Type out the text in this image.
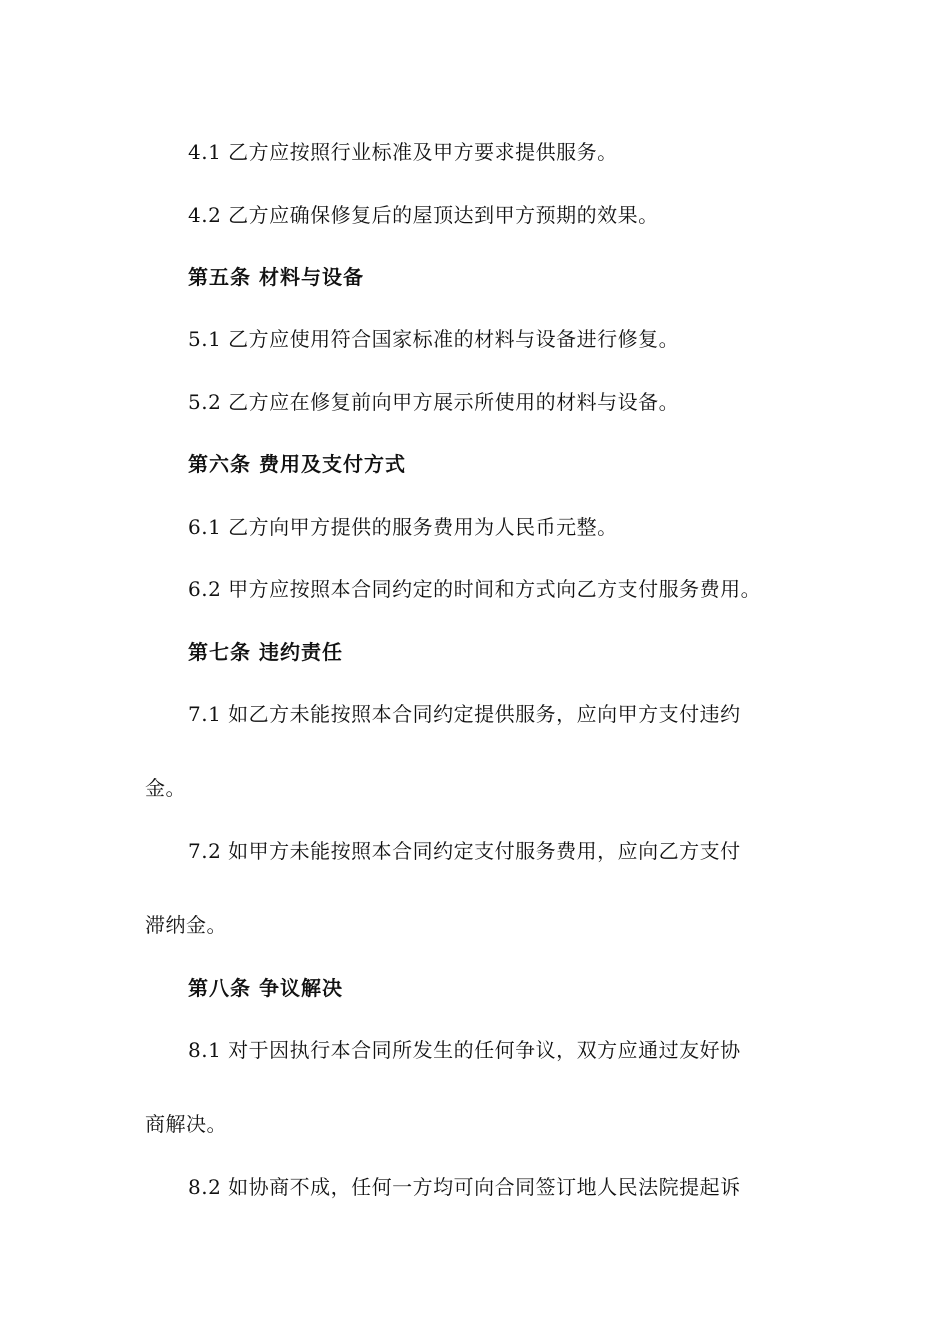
4.1 乙方应按照行业标准及甲方要求提供服务。
4.2 乙方应确保修复后的屋顶达到甲方预期的效果。
第五条 材料与设备
5.1 乙方应使用符合国家标准的材料与设备进行修复。
5.2 乙方应在修复前向甲方展示所使用的材料与设备。
第六条 费用及支付方式
6.1 乙方向甲方提供的服务费用为人民币元整。
6.2 甲方应按照本合同约定的时间和方式向乙方支付服务费用。
第七条 违约责任
7.1 如乙方未能按照本合同约定提供服务，应向甲方支付违约
金。
7.2 如甲方未能按照本合同约定支付服务费用，应向乙方支付
滞纳金。
第八条 争议解决
8.1 对于因执行本合同所发生的任何争议，双方应通过友好协
商解决。
8.2 如协商不成，任何一方均可向合同签订地人民法院提起诉
